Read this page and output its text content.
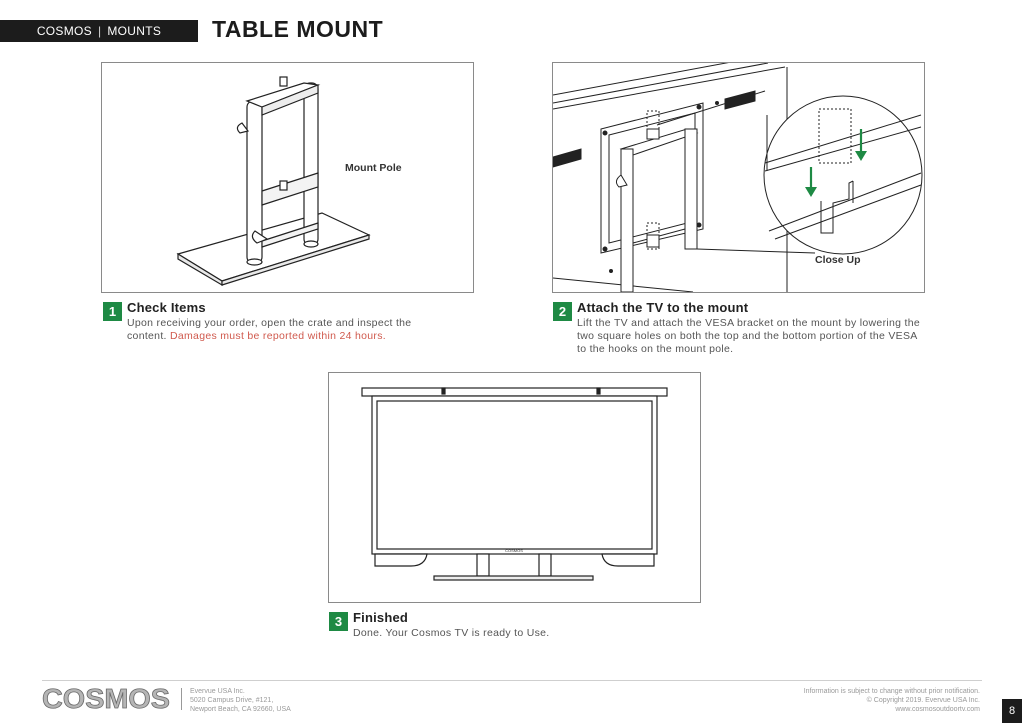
COSMOS | MOUNTS TABLE MOUNT
Mount Pole
Close Up
1 Check Items
Upon receiving your order, open the crate and inspect the content. Damages must be reported within 24 hours.
2 Attach the TV to the mount
Lift the TV and attach the VESA bracket on the mount by lowering the two square holes on both the top and the bottom portion of the VESA to the hooks on the mount pole.
COSMOS
3 Finished
Done. Your Cosmos TV is ready to Use.
COSMOS	Evervue USA Inc.
5020 Campus Drive, #121,
Newport Beach, CA 92660, USA
Information is subject to change without prior notification.
© Copyright 2019. Evervue USA Inc.
www.cosmosoutdoortv.com	8
